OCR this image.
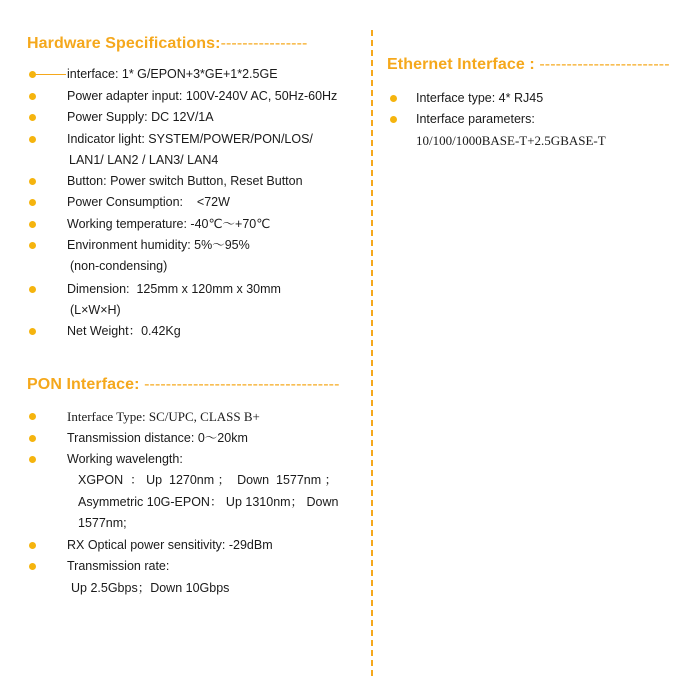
Hardware Specifications:----------------
interface: 1* G/EPON+3*GE+1*2.5GE
Power adapter input: 100V-240V AC, 50Hz-60Hz
Power Supply: DC 12V/1A
Indicator light: SYSTEM/POWER/PON/LOS/
LAN1/ LAN2 / LAN3/ LAN4
Button: Power switch Button, Reset Button
Power Consumption:    <72W
Working temperature: -40℃～+70℃
Environment humidity: 5%～95%
(non-condensing)
Dimension:  125mm x 120mm x 30mm
(L×W×H)
Net Weight：0.42Kg
PON Interface: ------------------------------------
Interface Type: SC/UPC, CLASS B+
Transmission distance: 0～20km
Working wavelength:
XGPON  ： Up  1270nm ；  Down  1577nm ；
Asymmetric 10G-EPON： Up 1310nm； Down
1577nm;
RX Optical power sensitivity: -29dBm
Transmission rate:
Up 2.5Gbps；Down 10Gbps
Ethernet Interface : ------------------------
Interface type: 4* RJ45
Interface parameters:
10/100/1000BASE-T+2.5GBASE-T
